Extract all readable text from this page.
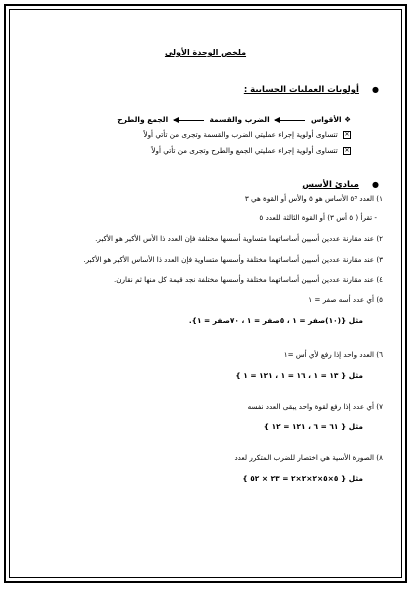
ملخص الوحدة الأولى
● أولويات العمليات الحسابية :
❖ الأقواس  الضرب والقسمة  الجمع والطرح
✕ تتساوى أولوية إجراء عمليتي الضرب والقسمة وتجرى من تأتي أولاً
✕ تتساوى أولوية إجراء عمليتي الجمع والطرح وتجرى من تأتي أولاً
● مبادئ الأسس
١) العدد ٥³ الأساس هو ٥ والأس أو القوة هي ٣
- تقرأ ( ٥ أس ٣) أو القوة الثالثة للعدد ٥
٢) عند مقارنة عددين أسيين أساساتهما متساوية أسسها مختلفة فإن العدد ذا الأس الأكبر هو الأكبر.
٣) عند مقارنة عددين أسيين أساساتهما مختلفة وأسسها متساوية فإن العدد ذا الأساس الأكبر هو الأكبر.
٤) عند مقارنة عددين أسيين أساساتهما مختلفة وأسسها مختلفة نجد قيمة كل منها ثم نقارن.
٥) أي عدد أسه صفر = ١
مثل {(١٠)صفر = ١ ، ٥صفر = ١ ، ٧٠صفر = ١}.
٦) العدد واحد إذا رفع لأي أس =١
مثل { ١٣ = ١ ، ١٦ = ١ ، ١٢١ = ١ }
٧) أي عدد إذا رفع لقوة واحد يبقى العدد نفسه
مثل { ٦١ = ٦ ، ١٢١ = ١٢ }
٨) الصورة الأسية هي اختصار للضرب المتكرر لعدد
مثل { ٥×٥×٢×٢×٢ = ٢٣ × ٥٢ }
